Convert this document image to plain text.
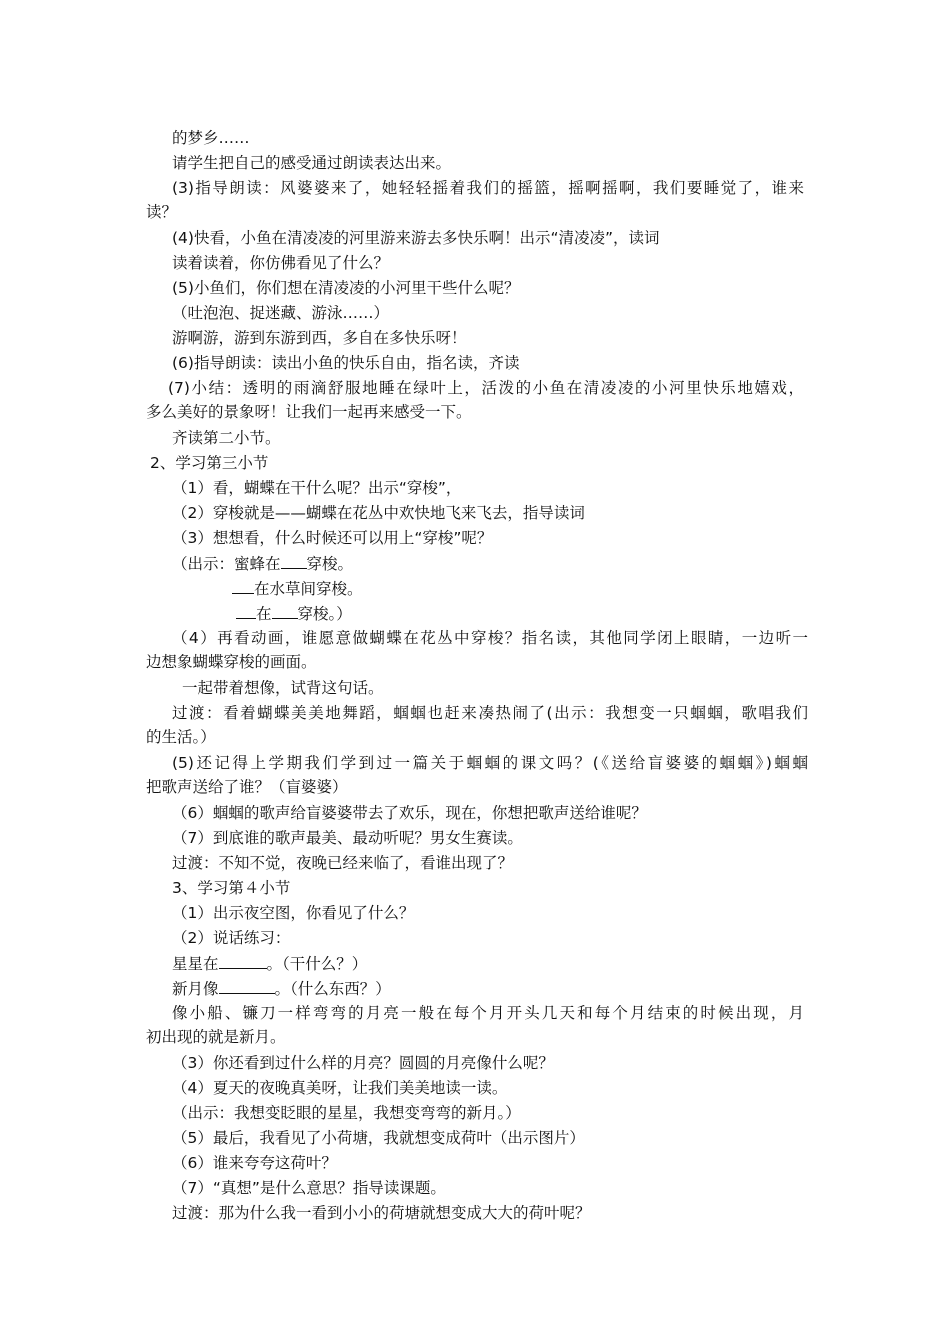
的梦乡……
请学生把自己的感受通过朗读表达出来。
(3)指导朗读：风婆婆来了，她轻轻摇着我们的摇篮，摇啊摇啊，我们要睡觉了，谁来
读？
(4)快看，小鱼在清凌凌的河里游来游去多快乐啊！出示“清凌凌”，读词
读着读着，你仿佛看见了什么？
(5)小鱼们，你们想在清凌凌的小河里干些什么呢？
（吐泡泡、捉迷藏、游泳……）
游啊游，游到东游到西，多自在多快乐呀！
(6)指导朗读：读出小鱼的快乐自由，指名读，齐读
(7)小结：透明的雨滴舒服地睡在绿叶上，活泼的小鱼在清凌凌的小河里快乐地嬉戏，
多么美好的景象呀！让我们一起再来感受一下。
齐读第二小节。
2、学习第三小节
（1）看，蝴蝶在干什么呢？出示“穿梭”，
（2）穿梭就是——蝴蝶在花丛中欢快地飞来飞去，指导读词
（3）想想看，什么时候还可以用上“穿梭”呢？
（出示：蜜蜂在 穿梭。
在水草间穿梭。
在 穿梭。）
（4）再看动画，谁愿意做蝴蝶在花丛中穿梭？指名读，其他同学闭上眼睛，一边听一
边想象蝴蝶穿梭的画面。
一起带着想像，试背这句话。
过渡：看着蝴蝶美美地舞蹈，蝈蝈也赶来凑热闹了(出示：我想变一只蝈蝈，歌唱我们
的生活。）
(5)还记得上学期我们学到过一篇关于蝈蝈的课文吗？(《送给盲婆婆的蝈蝈》)蝈蝈
把歌声送给了谁？（盲婆婆）
（6）蝈蝈的歌声给盲婆婆带去了欢乐，现在，你想把歌声送给谁呢？
（7）到底谁的歌声最美、最动听呢？男女生赛读。
过渡：不知不觉，夜晚已经来临了，看谁出现了？
3、学习第４小节
（1）出示夜空图，你看见了什么？
（2）说话练习：
星星在	。（干什么？）
新月像	。（什么东西？）
像小船、镰刀一样弯弯的月亮一般在每个月开头几天和每个月结束的时候出现，月
初出现的就是新月。
（3）你还看到过什么样的月亮？圆圆的月亮像什么呢？
（4）夏天的夜晚真美呀，让我们美美地读一读。
（出示：我想变眨眼的星星，我想变弯弯的新月。）
（5）最后，我看见了小荷塘，我就想变成荷叶（出示图片）
（6）谁来夸夸这荷叶？
（7）“真想”是什么意思？指导读课题。
过渡：那为什么我一看到小小的荷塘就想变成大大的荷叶呢？
